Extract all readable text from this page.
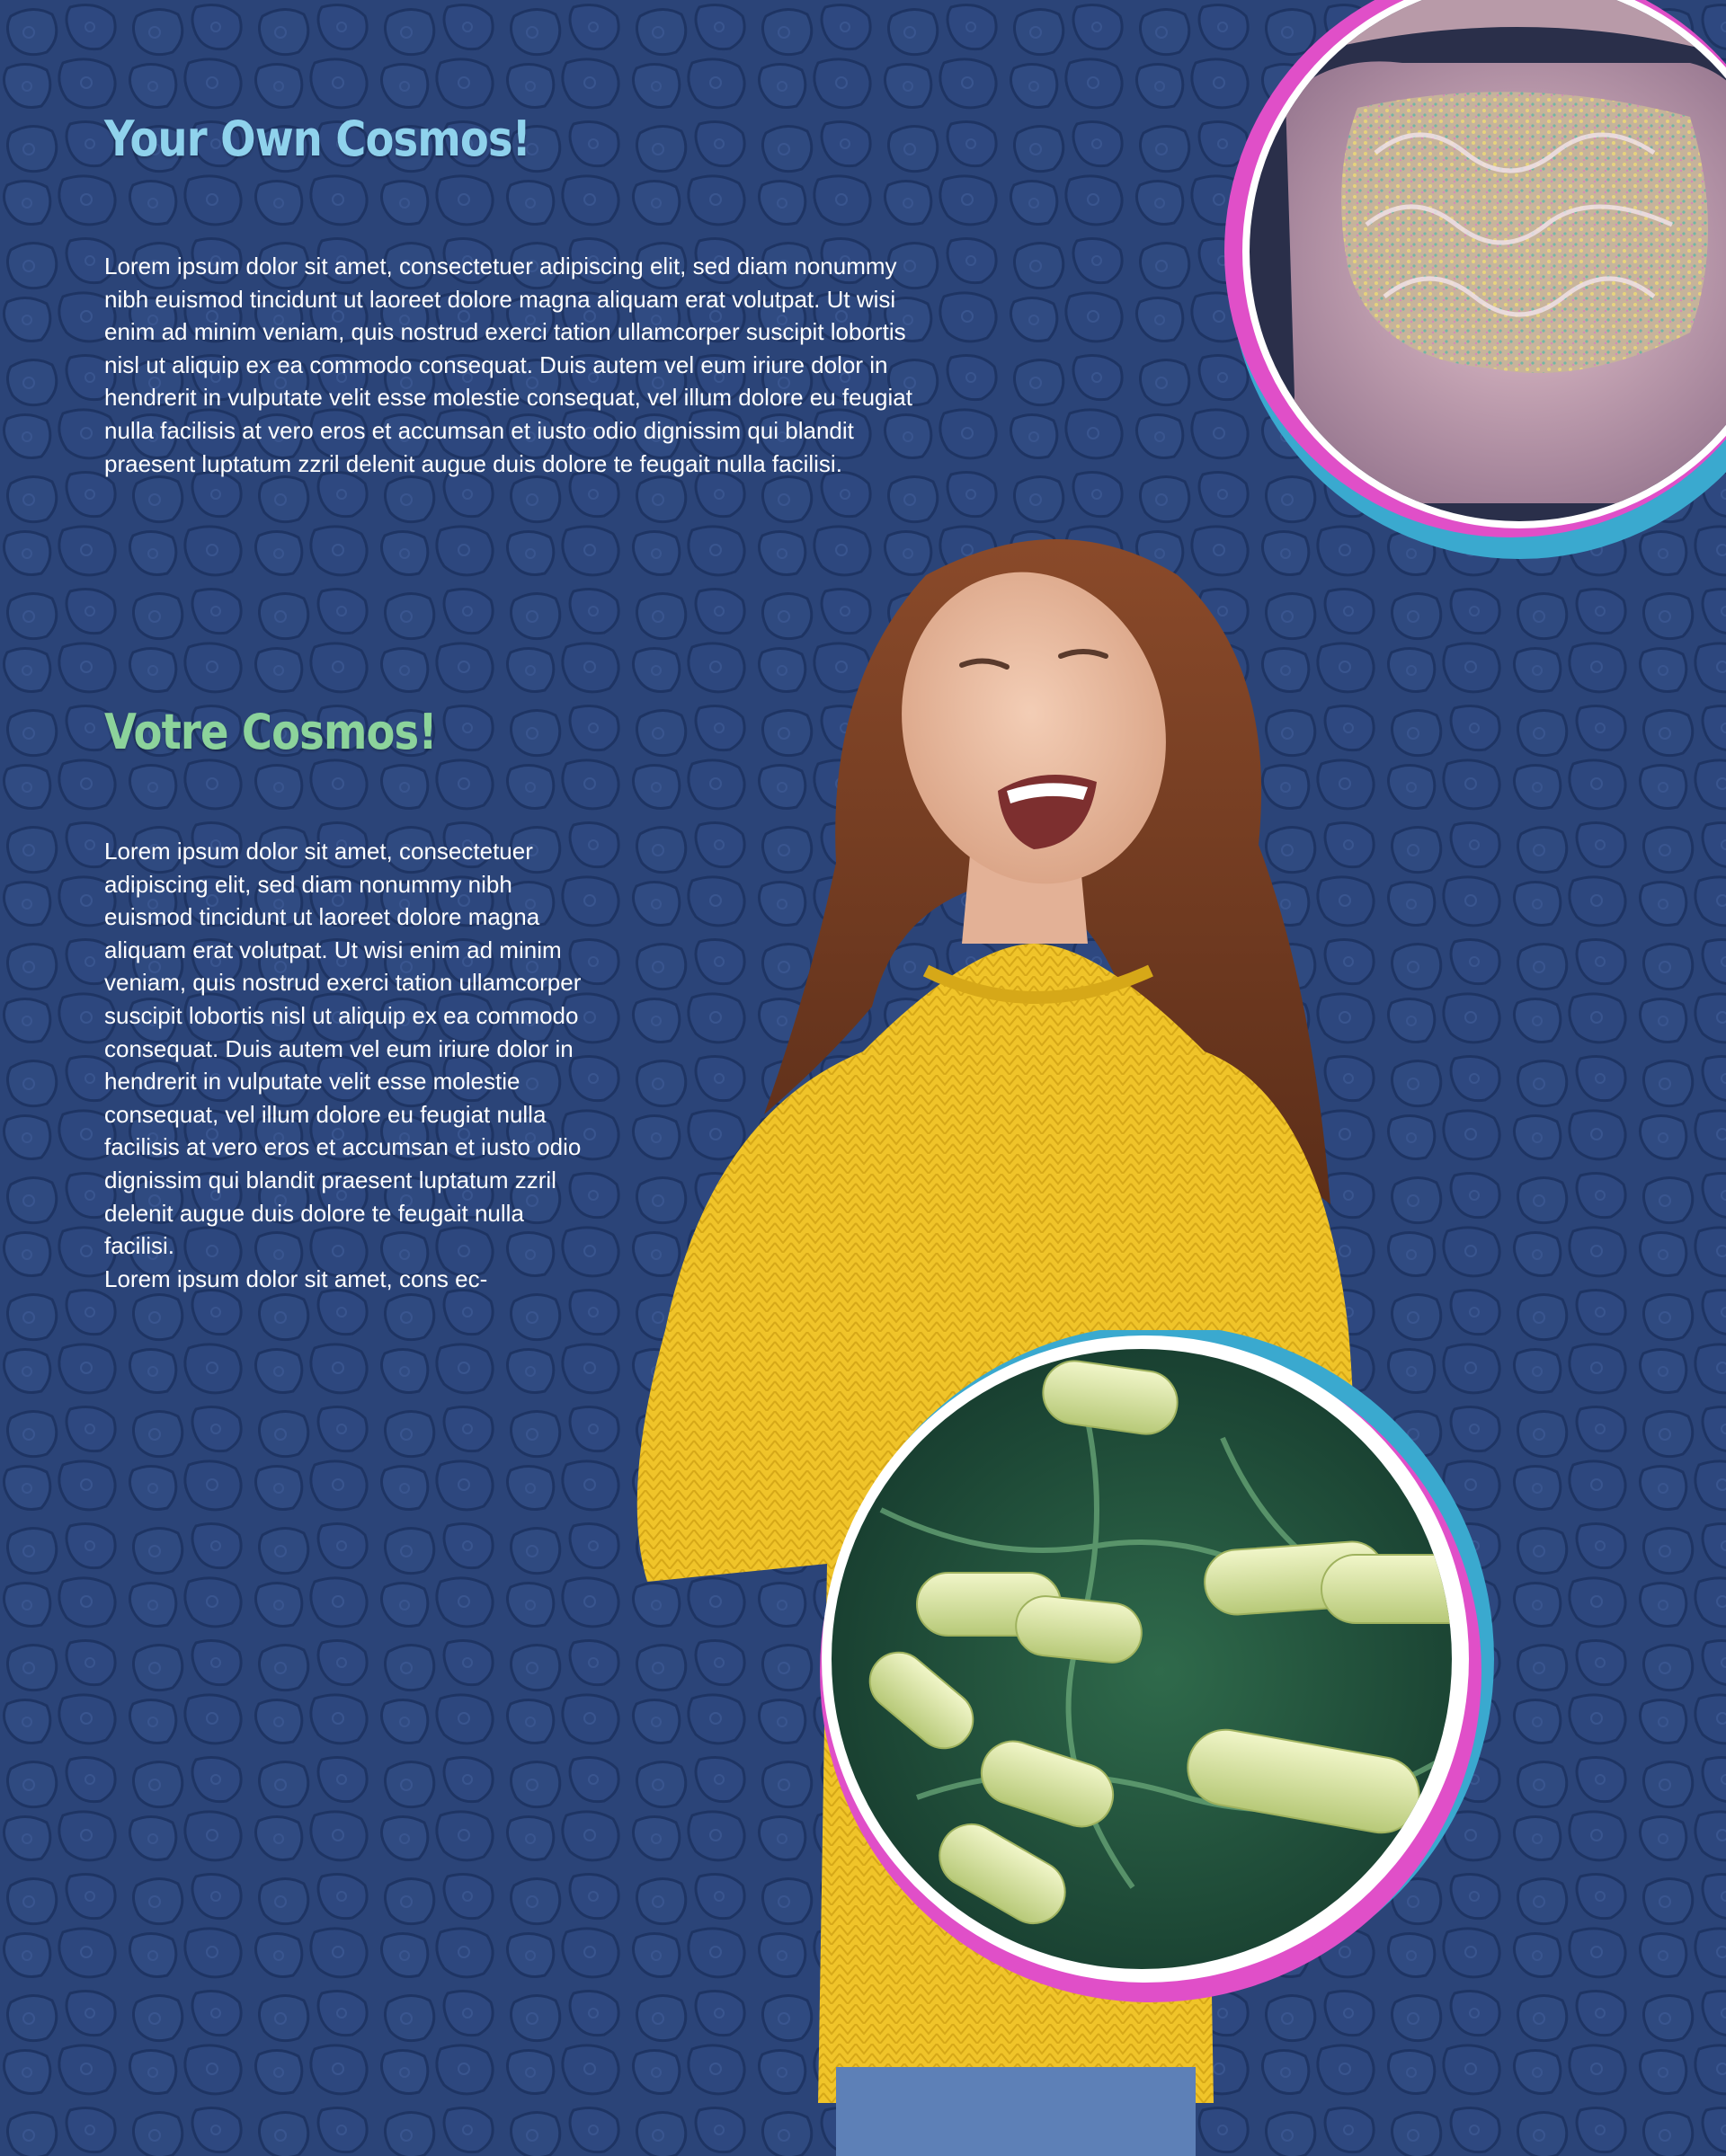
Your Own Cosmos!

Lorem ipsum dolor sit amet, consectetuer adipiscing elit, sed diam nonummy nibh euismod tincidunt ut laoreet dolore magna aliquam erat volutpat. Ut wisi enim ad minim veniam, quis nostrud exerci tation ullamcorper suscipit lobortis nisl ut aliquip ex ea commodo consequat. Duis autem vel eum iriure dolor in hendrerit in vulputate velit esse molestie consequat, vel illum dolore eu feugiat nulla facilisis at vero eros et accumsan et iusto odio dignissim qui blandit praesent luptatum zzril delenit augue duis dolore te feugait nulla facilisi.

Votre Cosmos!

Lorem ipsum dolor sit amet, consectetuer adipiscing elit, sed diam nonummy nibh euismod tincidunt ut laoreet dolore magna aliquam erat volutpat. Ut wisi enim ad minim veniam, quis nostrud exerci tation ullamcorper suscipit lobortis nisl ut aliquip ex ea commodo consequat. Duis autem vel eum iriure dolor in hendrerit in vulputate velit esse molestie consequat, vel illum dolore eu feugiat nulla facilisis at vero eros et accumsan et iusto odio dignissim qui blandit praesent luptatum zzril delenit augue duis dolore te feugait nulla facilisi.
Lorem ipsum dolor sit amet, cons ec-
